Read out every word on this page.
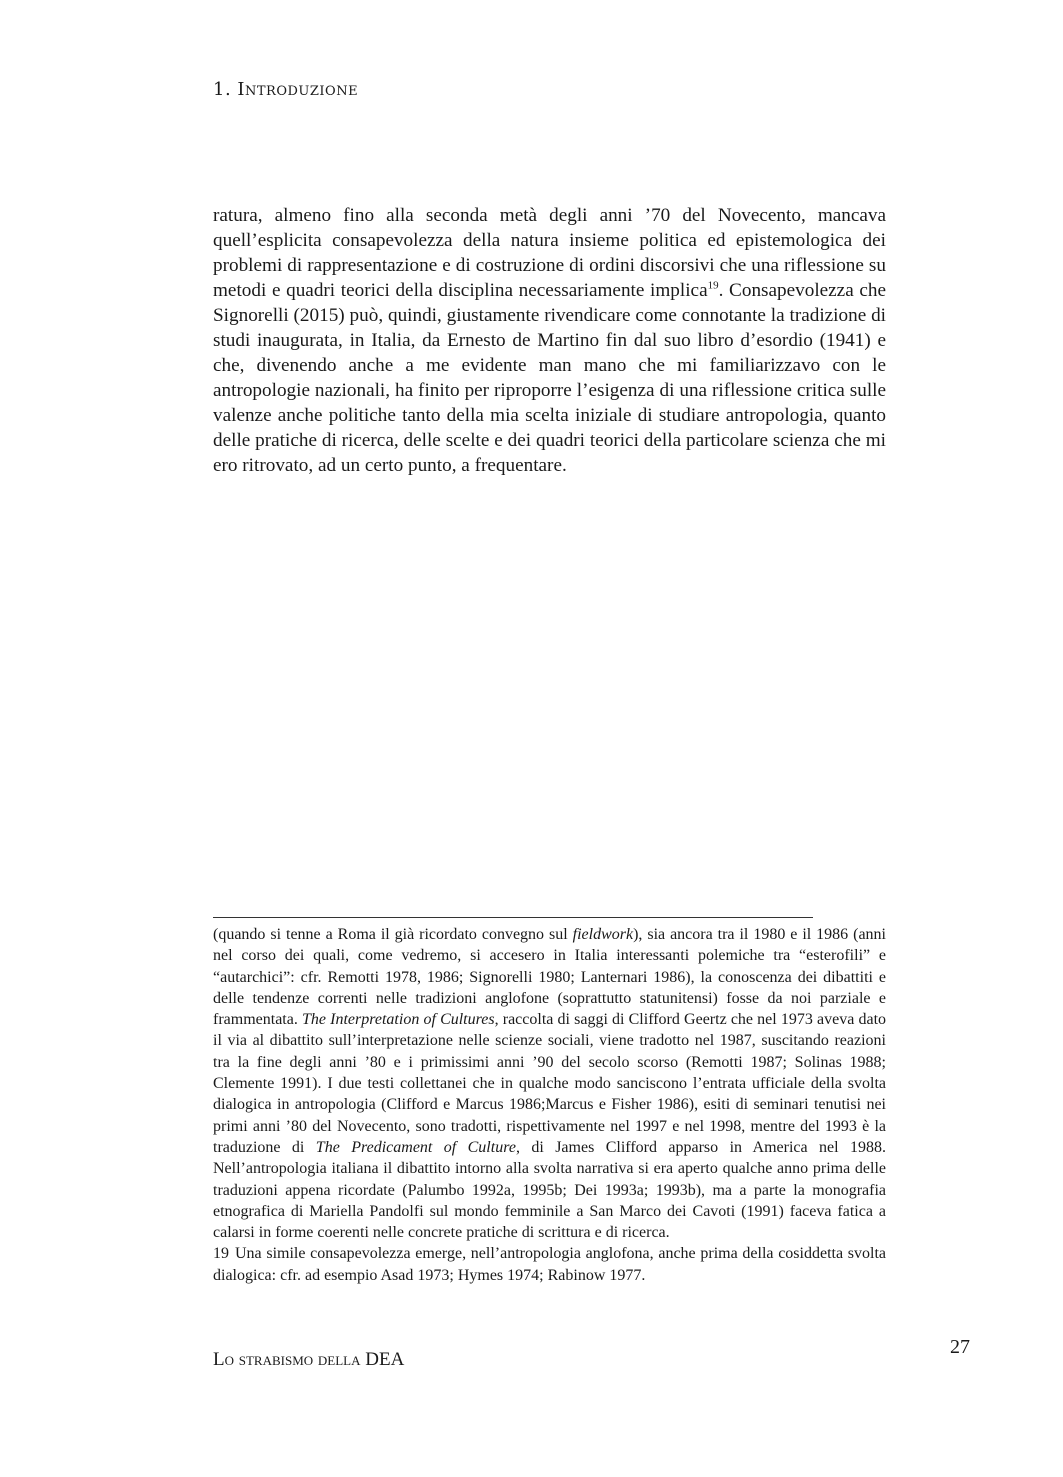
1. Introduzione

ratura, almeno fino alla seconda metà degli anni ’70 del Novecento, mancava quell’esplicita consapevolezza della natura insieme politica ed epistemologica dei problemi di rappresentazione e di costruzione di ordini discorsivi che una riflessione su metodi e quadri teorici della disciplina necessariamente implica$^{19}$. Consapevolezza che Signorelli (2015) può, quindi, giustamente rivendicare come connotante la tradizione di studi inaugurata, in Italia, da Ernesto de Martino fin dal suo libro d’esordio (1941) e che, divenendo anche a me evidente man mano che mi familiarizzavo con le antropologie nazionali, ha finito per riproporre l’esigenza di una riflessione critica sulle valenze anche politiche tanto della mia scelta iniziale di studiare antropologia, quanto delle pratiche di ricerca, delle scelte e dei quadri teorici della particolare scienza che mi ero ritrovato, ad un certo punto, a frequentare.

(quando si tenne a Roma il già ricordato convegno sul fieldwork), sia ancora tra il 1980 e il 1986 (anni nel corso dei quali, come vedremo, si accesero in Italia interessanti polemiche tra “esterofili” e “autarchici”: cfr. Remotti 1978, 1986; Signorelli 1980; Lanternari 1986), la conoscenza dei dibattiti e delle tendenze correnti nelle tradizioni anglofone (soprattutto statunitensi) fosse da noi parziale e frammentata. The Interpretation of Cultures, raccolta di saggi di Clifford Geertz che nel 1973 aveva dato il via al dibattito sull’interpretazione nelle scienze sociali, viene tradotto nel 1987, suscitando reazioni tra la fine degli anni ’80 e i primissimi anni ’90 del secolo scorso (Remotti 1987; Solinas 1988; Clemente 1991). I due testi collettanei che in qualche modo sanciscono l’entrata ufficiale della svolta dialogica in antropologia (Clifford e Marcus 1986;Marcus e Fisher 1986), esiti di seminari tenutisi nei primi anni ’80 del Novecento, sono tradotti, rispettivamente nel 1997 e nel 1998, mentre del 1993 è la traduzione di The Predicament of Culture, di James Clifford apparso in America nel 1988. Nell’antropologia italiana il dibattito intorno alla svolta narrativa si era aperto qualche anno prima delle traduzioni appena ricordate (Palumbo 1992a, 1995b; Dei 1993a; 1993b), ma a parte la monografia etnografica di Mariella Pandolfi sul mondo femminile a San Marco dei Cavoti (1991) faceva fatica a calarsi in forme coerenti nelle concrete pratiche di scrittura e di ricerca.

19 Una simile consapevolezza emerge, nell’antropologia anglofona, anche prima della cosiddetta svolta dialogica: cfr. ad esempio Asad 1973; Hymes 1974; Rabinow 1977.

Lo strabismo della DEA
27
